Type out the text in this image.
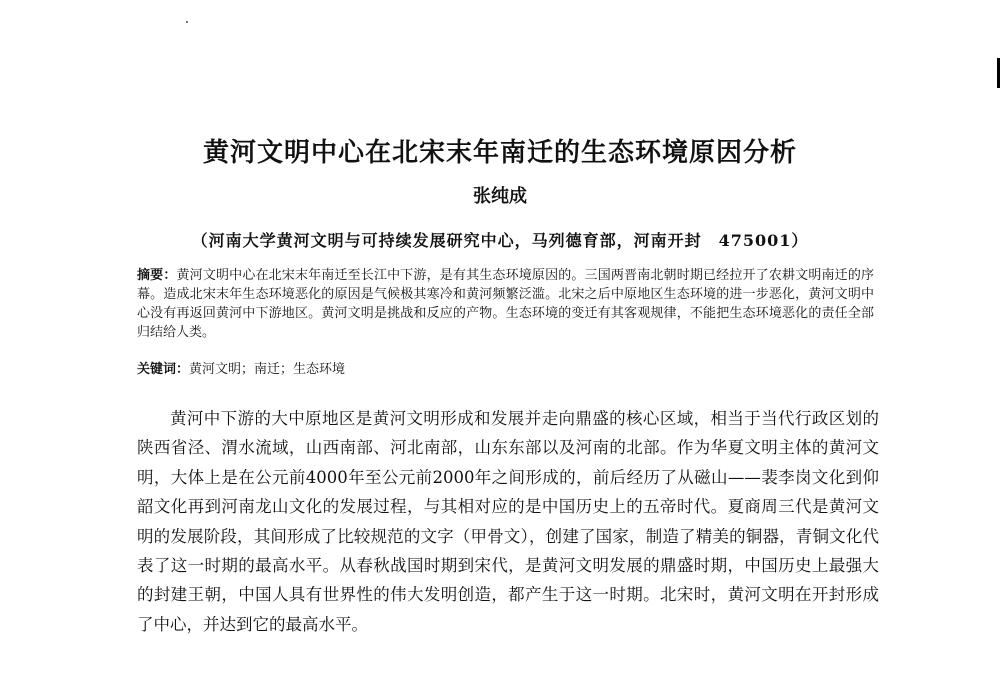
黄河文明中心在北宋末年南迁的生态环境原因分析
张纯成
（河南大学黄河文明与可持续发展研究中心，马列德育部，河南开封　475001）
摘要：黄河文明中心在北宋末年南迁至长江中下游，是有其生态环境原因的。三国两晋南北朝时期已经拉开了农耕文明南迁的序幕。造成北宋末年生态环境恶化的原因是气候极其寒冷和黄河频繁泛滥。北宋之后中原地区生态环境的进一步恶化，黄河文明中心没有再返回黄河中下游地区。黄河文明是挑战和反应的产物。生态环境的变迁有其客观规律，不能把生态环境恶化的责任全部归结给人类。
关键词：黄河文明；南迁；生态环境

黄河中下游的大中原地区是黄河文明形成和发展并走向鼎盛的核心区域，相当于当代行政区划的陕西省泾、渭水流域，山西南部、河北南部，山东东部以及河南的北部。作为华夏文明主体的黄河文明，大体上是在公元前4000年至公元前2000年之间形成的，前后经历了从磁山——裴李岗文化到仰韶文化再到河南龙山文化的发展过程，与其相对应的是中国历史上的五帝时代。夏商周三代是黄河文明的发展阶段，其间形成了比较规范的文字（甲骨文），创建了国家，制造了精美的铜器，青铜文化代表了这一时期的最高水平。从春秋战国时期到宋代，是黄河文明发展的鼎盛时期，中国历史上最强大的封建王朝，中国人具有世界性的伟大发明创造，都产生于这一时期。北宋时，黄河文明在开封形成了中心，并达到它的最高水平。
